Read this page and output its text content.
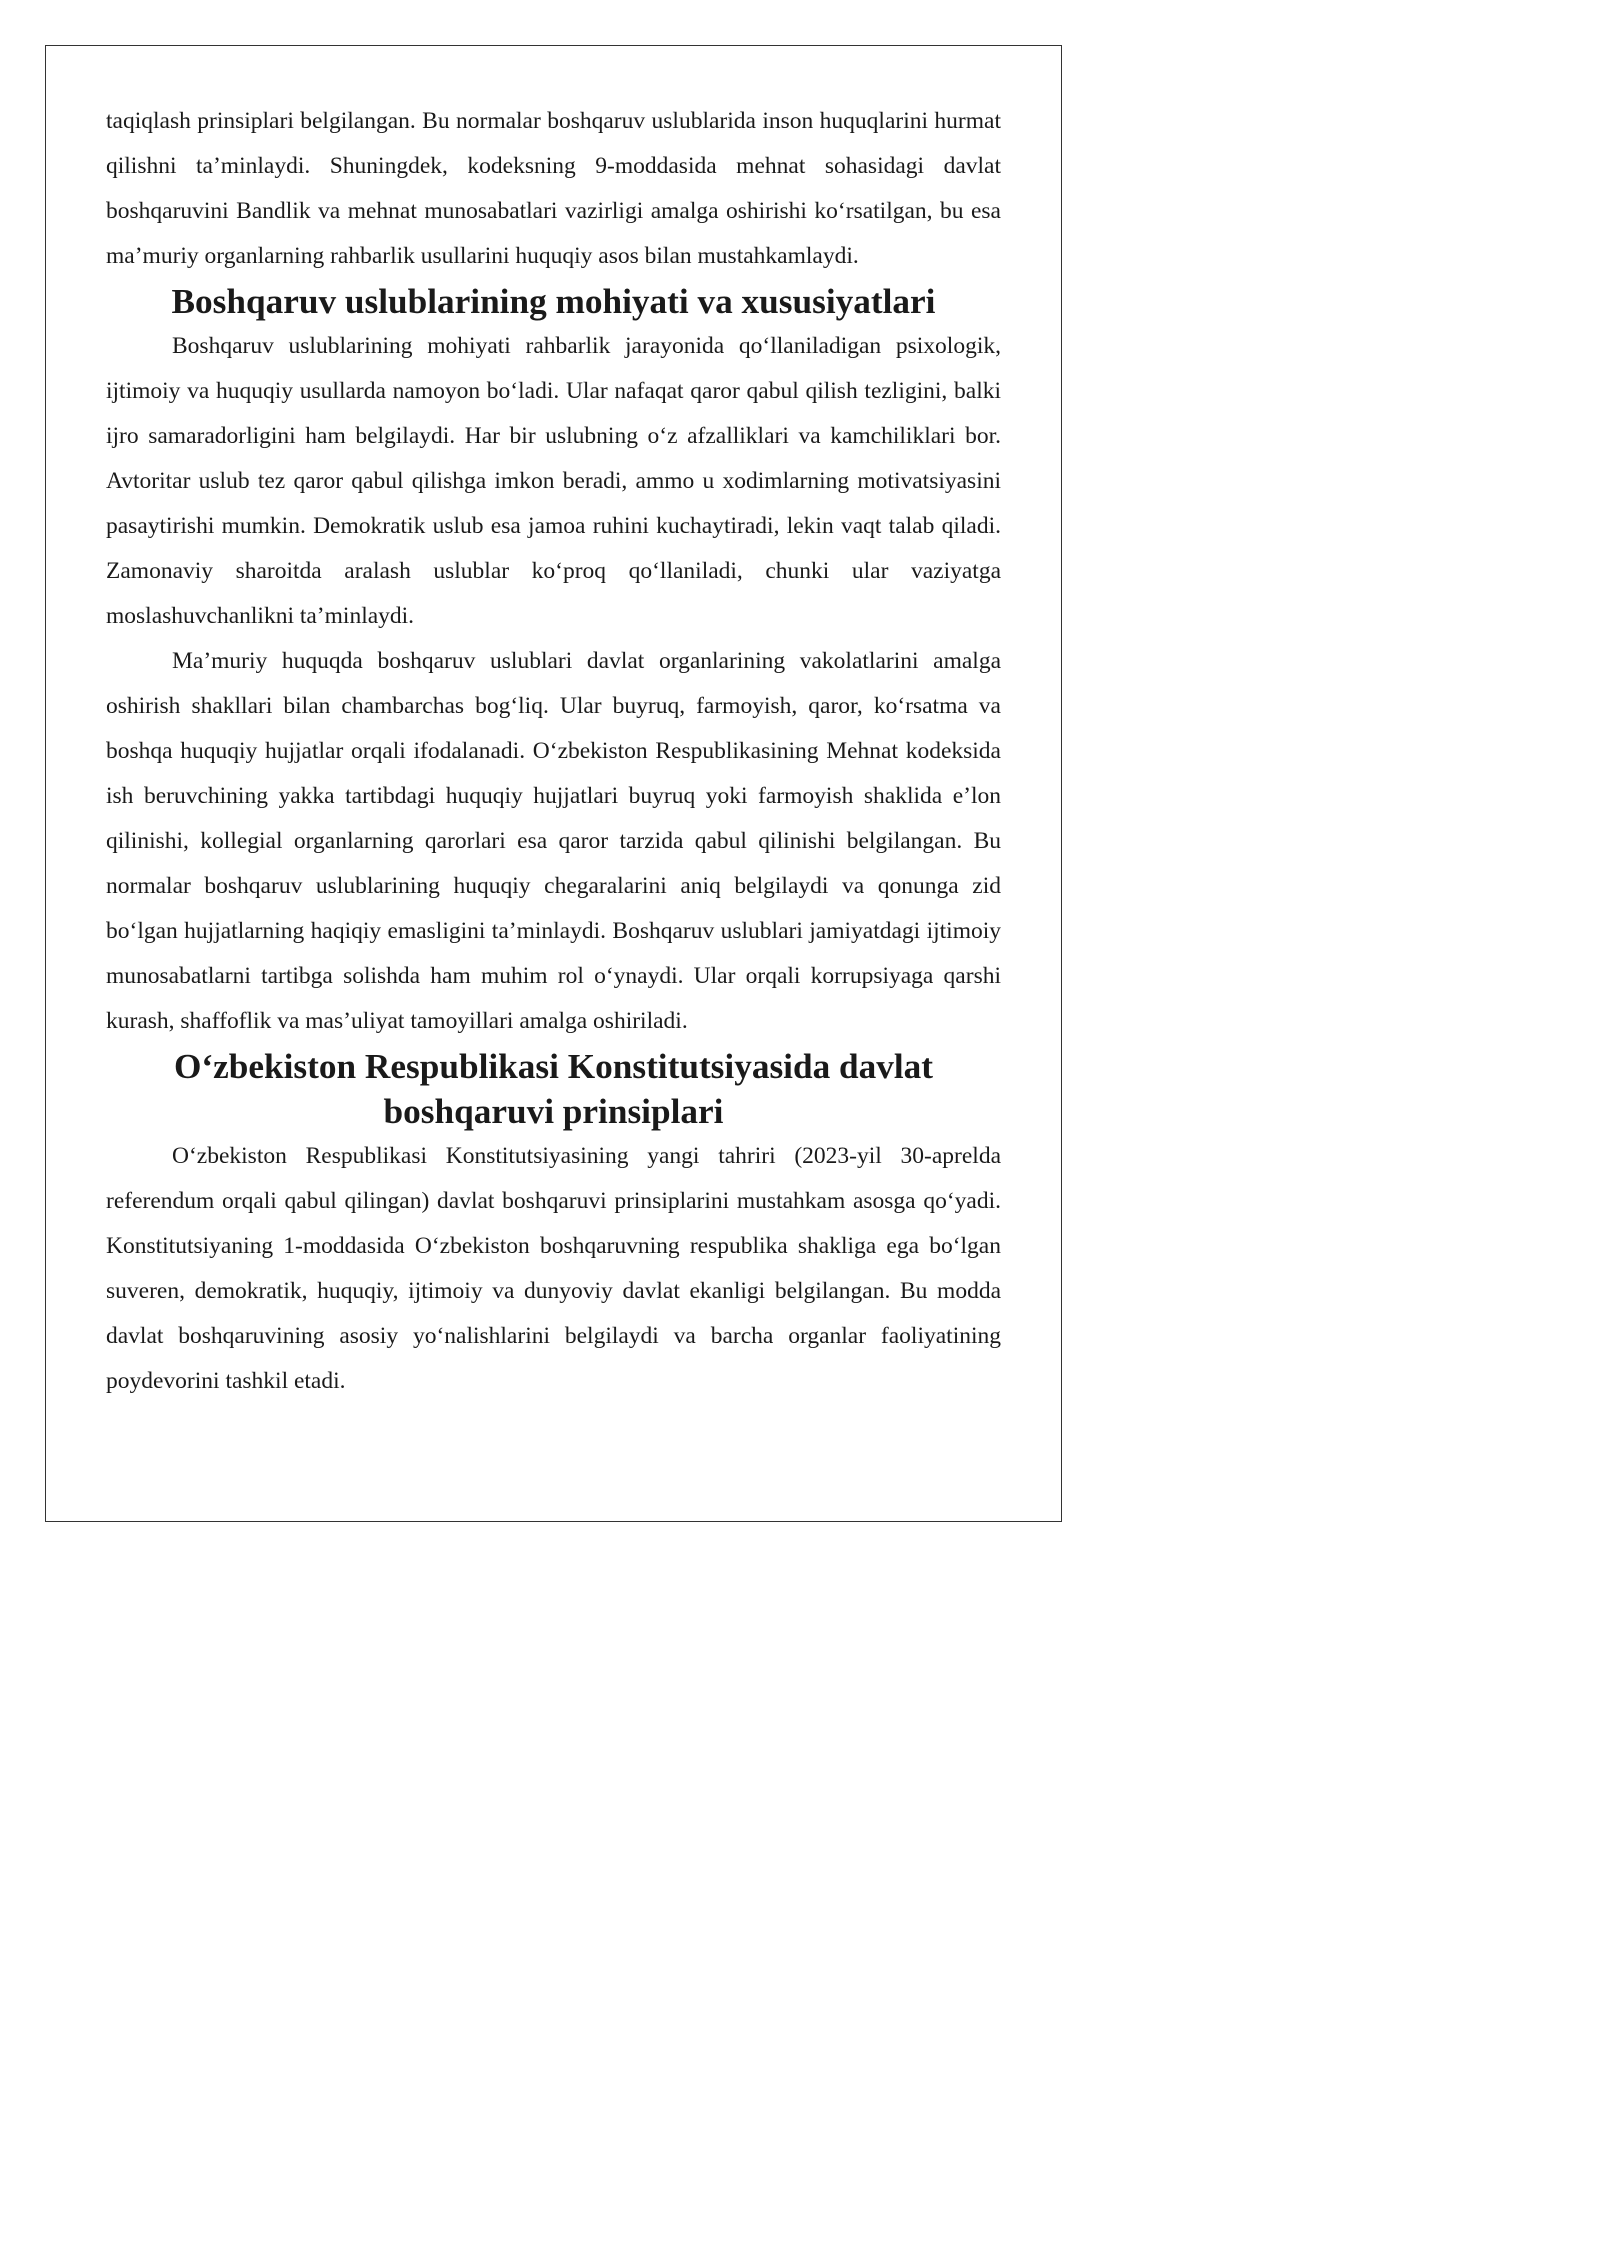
taqiqlash prinsiplari belgilangan. Bu normalar boshqaruv uslublarida inson huquqlarini hurmat qilishni ta’minlaydi. Shuningdek, kodeksning 9-moddasida mehnat sohasidagi davlat boshqaruvini Bandlik va mehnat munosabatlari vazirligi amalga oshirishi koʻrsatilgan, bu esa ma’muriy organlarning rahbarlik usullarini huquqiy asos bilan mustahkamlaydi.

Boshqaruv uslublarining mohiyati va xususiyatlari

Boshqaruv uslublarining mohiyati rahbarlik jarayonida qoʻllaniladigan psixologik, ijtimoiy va huquqiy usullarda namoyon boʻladi. Ular nafaqat qaror qabul qilish tezligini, balki ijro samaradorligini ham belgilaydi. Har bir uslubning oʻz afzalliklari va kamchiliklari bor. Avtoritar uslub tez qaror qabul qilishga imkon beradi, ammo u xodimlarning motivatsiyasini pasaytirishi mumkin. Demokratik uslub esa jamoa ruhini kuchaytiradi, lekin vaqt talab qiladi. Zamonaviy sharoitda aralash uslublar koʻproq qoʻllaniladi, chunki ular vaziyatga moslashuvchanlikni ta’minlaydi.

Ma’muriy huquqda boshqaruv uslublari davlat organlarining vakolatlarini amalga oshirish shakllari bilan chambarchas bogʻliq. Ular buyruq, farmoyish, qaror, koʻrsatma va boshqa huquqiy hujjatlar orqali ifodalanadi. Oʻzbekiston Respublikasining Mehnat kodeksida ish beruvchining yakka tartibdagi huquqiy hujjatlari buyruq yoki farmoyish shaklida e’lon qilinishi, kollegial organlarning qarorlari esa qaror tarzida qabul qilinishi belgilangan. Bu normalar boshqaruv uslublarining huquqiy chegaralarini aniq belgilaydi va qonunga zid boʻlgan hujjatlarning haqiqiy emasligini ta’minlaydi. Boshqaruv uslublari jamiyatdagi ijtimoiy munosabatlarni tartibga solishda ham muhim rol oʻynaydi. Ular orqali korrupsiyaga qarshi kurash, shaffoflik va mas’uliyat tamoyillari amalga oshiriladi.

Oʻzbekiston Respublikasi Konstitutsiyasida davlat boshqaruvi prinsiplari

Oʻzbekiston Respublikasi Konstitutsiyasining yangi tahriri (2023-yil 30-aprelda referendum orqali qabul qilingan) davlat boshqaruvi prinsiplarini mustahkam asosga qoʻyadi. Konstitutsiyaning 1-moddasida Oʻzbekiston boshqaruvning respublika shakliga ega boʻlgan suveren, demokratik, huquqiy, ijtimoiy va dunyoviy davlat ekanligi belgilangan. Bu modda davlat boshqaruvining asosiy yoʻnalishlarini belgilaydi va barcha organlar faoliyatining poydevorini tashkil etadi.
